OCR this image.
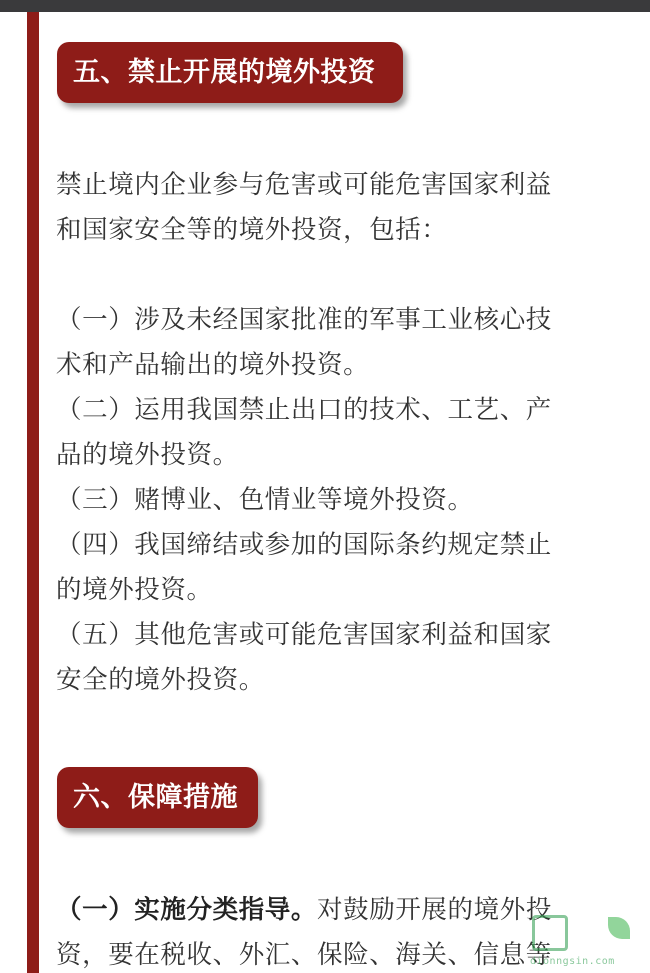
五、禁止开展的境外投资
禁止境内企业参与危害或可能危害国家利益
和国家安全等的境外投资，包括：
（一）涉及未经国家批准的军事工业核心技
术和产品输出的境外投资。
（二）运用我国禁止出口的技术、工艺、产
品的境外投资。
（三）赌博业、色情业等境外投资。
（四）我国缔结或参加的国际条约规定禁止
的境外投资。
（五）其他危害或可能危害国家利益和国家
安全的境外投资。
六、保障措施
（一）实施分类指导。对鼓励开展的境外投
资，要在税收、外汇、保险、海关、信息等
dionngsin.com
